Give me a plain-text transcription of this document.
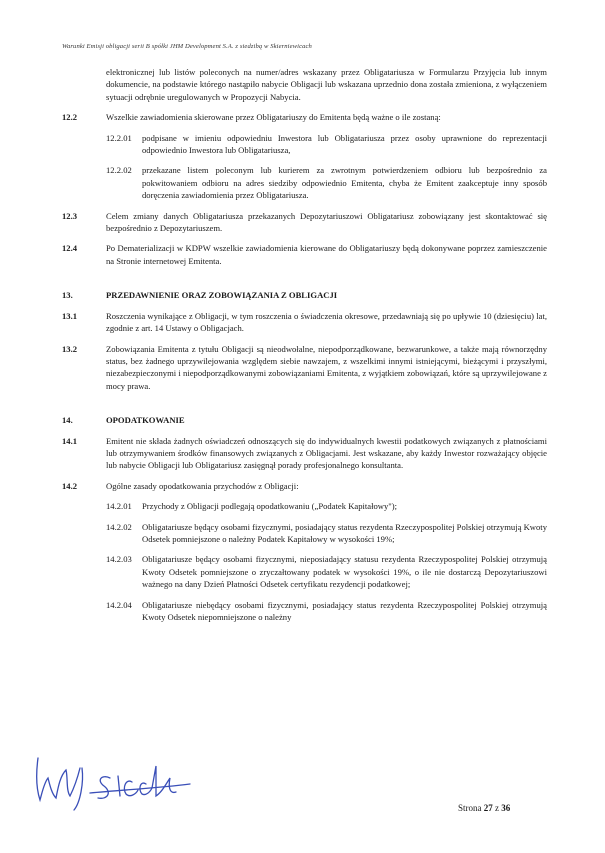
Warunki Emisji obligacji serii B spółki JHM Development S.A. z siedzibą w Skierniewicach
elektronicznej lub listów poleconych na numer/adres wskazany przez Obligatariusza w Formularzu Przyjęcia lub innym dokumencie, na podstawie którego nastąpiło nabycie Obligacji lub wskazana uprzednio dona została zmieniona, z wyłączeniem sytuacji odrębnie uregulowanych w Propozycji Nabycia.
12.2	Wszelkie zawiadomienia skierowane przez Obligatariuszy do Emitenta będą ważne o ile zostaną:
12.2.01	podpisane w imieniu odpowiedniu Inwestora lub Obligatariusza przez osoby uprawnione do reprezentacji odpowiednio Inwestora lub Obligatariusza,
12.2.02	przekazane listem poleconym lub kurierem za zwrotnym potwierdzeniem odbioru lub bezpośrednio za pokwitowaniem odbioru na adres siedziby odpowiednio Emitenta, chyba że Emitent zaakceptuje inny sposób doręczenia zawiadomienia przez Obligatariusza.
12.3	Celem zmiany danych Obligatariusza przekazanych Depozytariuszowi Obligatariusz zobowiązany jest skontaktować się bezpośrednio z Depozytariuszem.
12.4	Po Dematerializacji w KDPW wszelkie zawiadomienia kierowane do Obligatariuszy będą dokonywane poprzez zamieszczenie na Stronie internetowej Emitenta.
13.	PRZEDAWNIENIE ORAZ ZOBOWIĄZANIA Z OBLIGACJI
13.1	Roszczenia wynikające z Obligacji, w tym roszczenia o świadczenia okresowe, przedawniają się po upływie 10 (dziesięciu) lat, zgodnie z art. 14 Ustawy o Obligacjach.
13.2	Zobowiązania Emitenta z tytułu Obligacji są nieodwołalne, niepodporządkowane, bezwarunkowe, a także mają równorzędny status, bez żadnego uprzywilejowania względem siebie nawzajem, z wszelkimi innymi istniejącymi, bieżącymi i przyszłymi, niezabezpieczonymi i niepodporządkowanymi zobowiązaniami Emitenta, z wyjątkiem zobowiązań, które są uprzywilejowane z mocy prawa.
14.	OPODATKOWANIE
14.1	Emitent nie składa żadnych oświadczeń odnoszących się do indywidualnych kwestii podatkowych związanych z płatnościami lub otrzymywaniem środków finansowych związanych z Obligacjami. Jest wskazane, aby każdy Inwestor rozważający objęcie lub nabycie Obligacji lub Obligatariusz zasięgnął porady profesjonalnego konsultanta.
14.2	Ogólne zasady opodatkowania przychodów z Obligacji:
14.2.01	Przychody z Obligacji podlegają opodatkowaniu („Podatek Kapitałowy");
14.2.02	Obligatariusze będący osobami fizycznymi, posiadający status rezydenta Rzeczypospolitej Polskiej otrzymują Kwoty Odsetek pomniejszone o należny Podatek Kapitałowy w wysokości 19%;
14.2.03	Obligatariusze będący osobami fizycznymi, nieposiadający statusu rezydenta Rzeczypospolitej Polskiej otrzymują Kwoty Odsetek pomniejszone o zryczałtowany podatek w wysokości 19%, o ile nie dostarczą Depozytariuszowi ważnego na dany Dzień Płatności Odsetek certyfikatu rezydencji podatkowej;
14.2.04	Obligatariusze niebędący osobami fizycznymi, posiadający status rezydenta Rzeczypospolitej Polskiej otrzymują Kwoty Odsetek niepomniejszone o należny
Strona 27 z 36
